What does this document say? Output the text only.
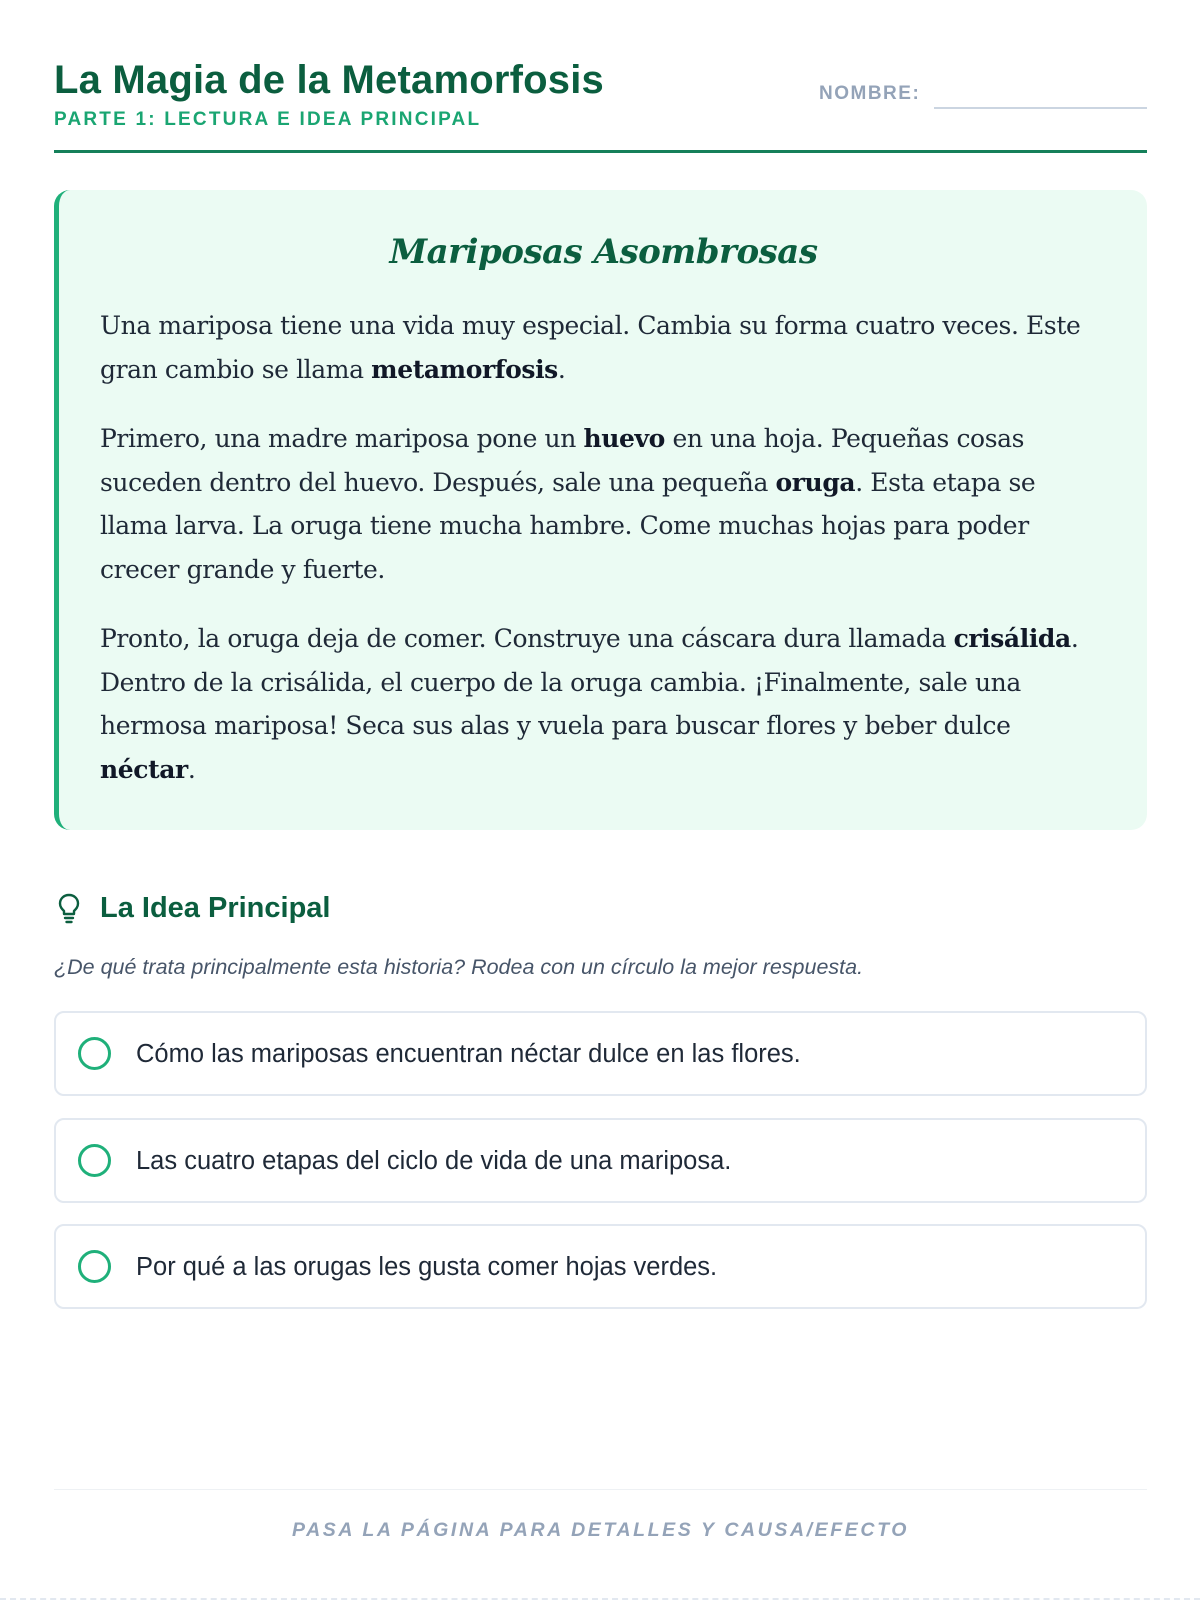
La Magia de la Metamorfosis
PARTE 1: LECTURA E IDEA PRINCIPAL
NOMBRE:
Mariposas Asombrosas

Una mariposa tiene una vida muy especial. Cambia su forma cuatro veces. Este gran cambio se llama metamorfosis.

Primero, una madre mariposa pone un huevo en una hoja. Pequeñas cosas suceden dentro del huevo. Después, sale una pequeña oruga. Esta etapa se llama larva. La oruga tiene mucha hambre. Come muchas hojas para poder crecer grande y fuerte.

Pronto, la oruga deja de comer. Construye una cáscara dura llamada crisálida. Dentro de la crisálida, el cuerpo de la oruga cambia. ¡Finalmente, sale una hermosa mariposa! Seca sus alas y vuela para buscar flores y beber dulce néctar.

La Idea Principal
¿De qué trata principalmente esta historia? Rodea con un círculo la mejor respuesta.
Cómo las mariposas encuentran néctar dulce en las flores.
Las cuatro etapas del ciclo de vida de una mariposa.
Por qué a las orugas les gusta comer hojas verdes.
PASA LA PÁGINA PARA DETALLES Y CAUSA/EFECTO
